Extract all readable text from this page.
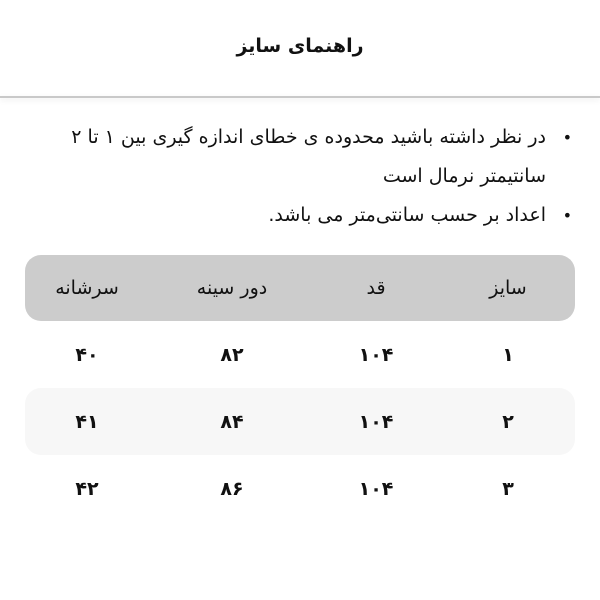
راهنمای سایز
•
در نظر داشته باشید محدوده ی خطای اندازه گیری بین ۱ تا ۲ سانتیمتر نرمال است
•
اعداد بر حسب سانتی‌متر می باشد.
سایز
قد
دور سینه
سرشانه
۱
۱۰۴
۸۲
۴۰
۲
۱۰۴
۸۴
۴۱
۳
۱۰۴
۸۶
۴۲
